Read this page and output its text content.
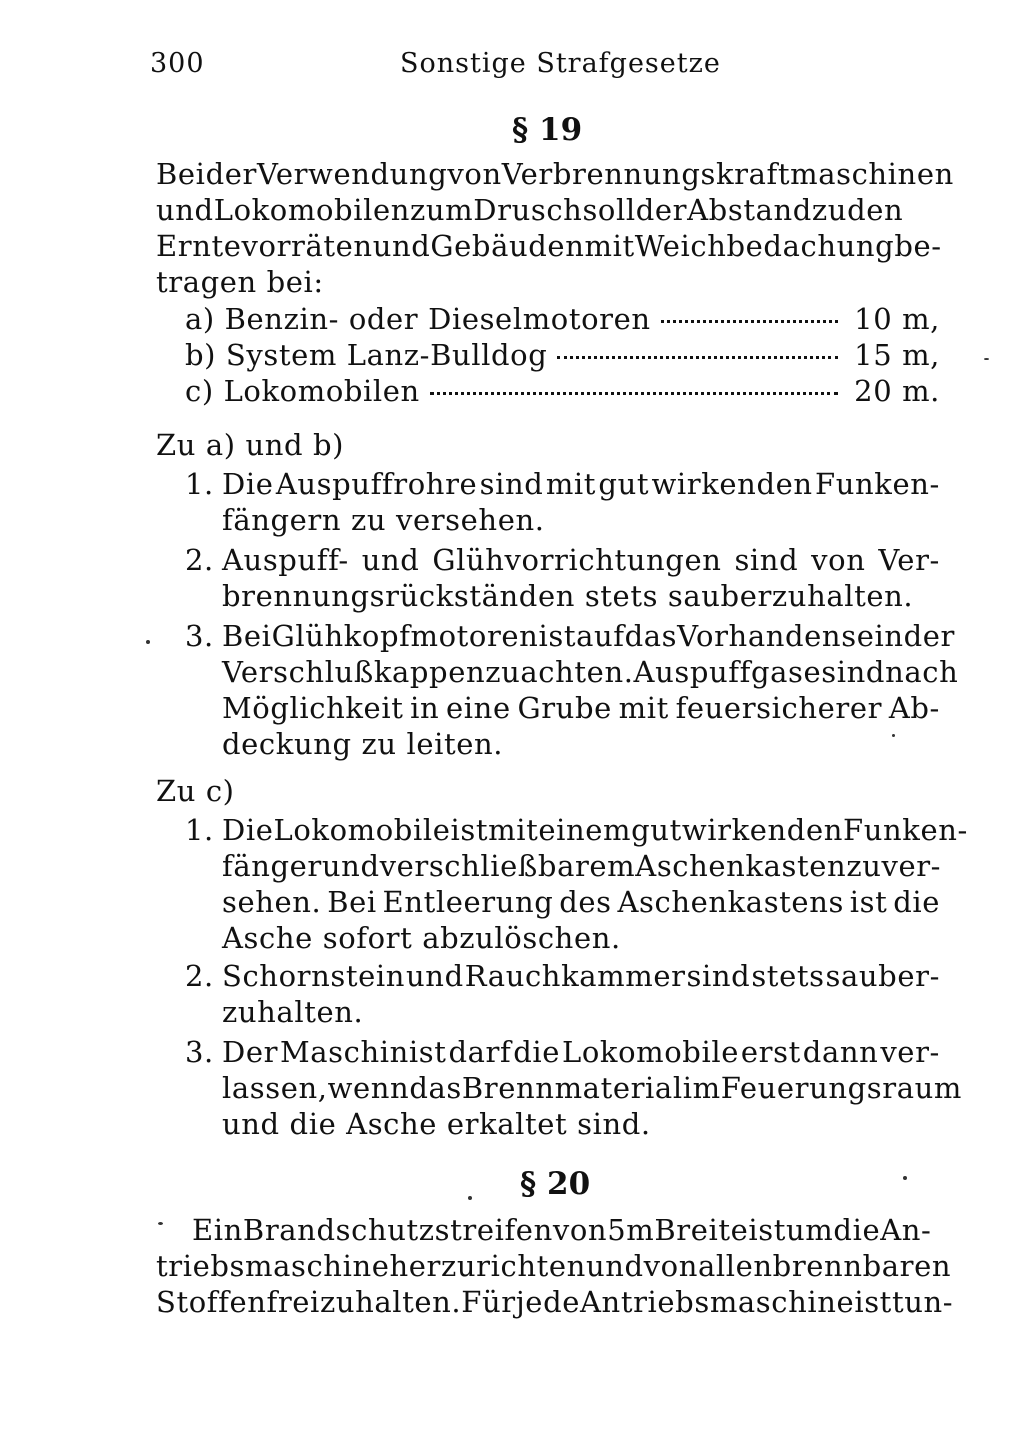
300	Sonstige Strafgesetze
§ 19
BeiderVerwendungvonVerbrennungskraftmaschinen
undLokomobilenzumDruschsollderAbstandzuden
ErntevorrätenundGebäudenmitWeichbedachungbe-
tragen bei:
a) Benzin- oder Dieselmotoren	10 m,
b) System Lanz-Bulldog	15 m,
c) Lokomobilen	20 m.
Zu a) und b)
1. Die Auspuffrohre sind mit gut wirkenden Funken-
fängern zu versehen.
2. Auspuff- und Glühvorrichtungen sind von Ver-
brennungsrückständen stets sauberzuhalten.
3. Bei Glühkopfmotoren ist auf das Vorhandensein der
Verschlußkappen zu achten. Auspuffgase sind nach
Möglichkeit in eine Grube mit feuersicherer Ab-
deckung zu leiten.
Zu c)
1. Die Lokomobile ist mit einem gut wirkenden Funken-
fänger und verschließbarem Aschenkasten zu ver-
sehen. Bei Entleerung des Aschenkastens ist die
Asche sofort abzulöschen.
2. Schornstein und Rauchkammer sind stets sauber-
zuhalten.
3. Der Maschinist darf die Lokomobile erst dann ver-
lassen, wenn das Brennmaterial im Feuerungsraum
und die Asche erkaltet sind.
§ 20
EinBrandschutzstreifenvon5mBreiteistumdieAn-
triebsmaschineherzurichtenundvonallenbrennbaren
Stoffenfreizuhalten.FürjedeAntriebsmaschineisttun-
